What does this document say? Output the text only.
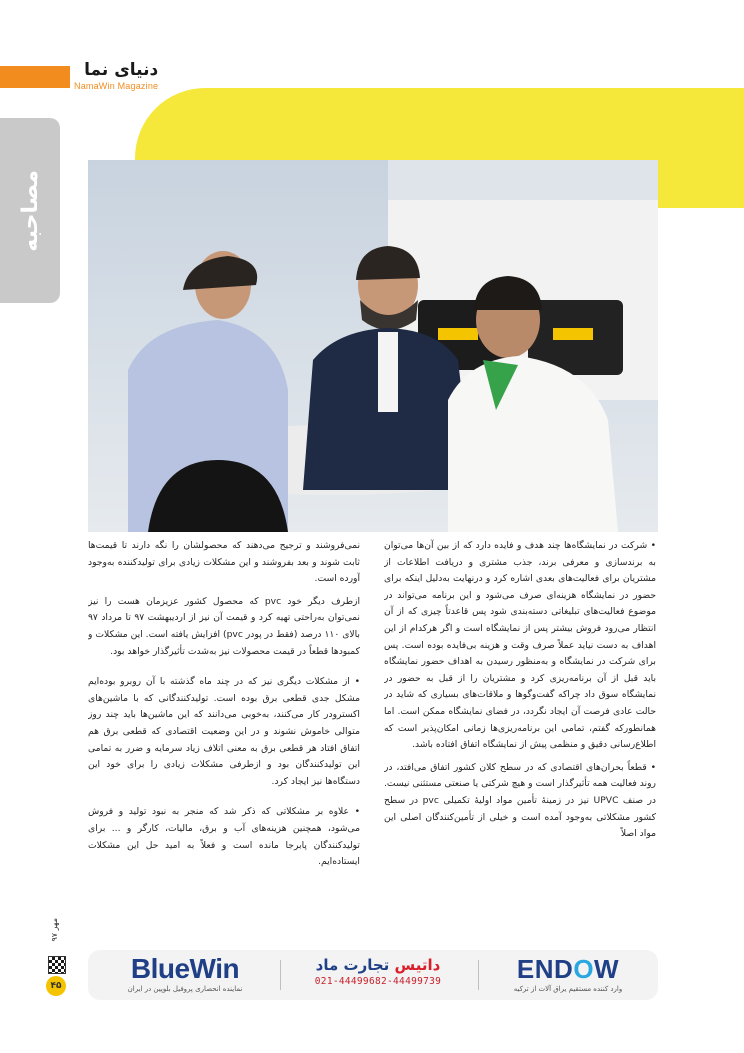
دنیای نما
NamaWin Magazine
مصاحبه

• شرکت در نمایشگاه‌ها چند هدف و فایده دارد که از بین آن‌ها می‌توان به برندسازی و معرفی برند، جذب مشتری و دریافت اطلاعات از مشتریان برای فعالیت‌های بعدی اشاره کرد و درنهایت به‌دلیل اینکه برای حضور در نمایشگاه هزینه‌ای صرف می‌شود و این برنامه می‌تواند در موضوع فعالیت‌های تبلیغاتی دسته‌بندی شود پس قاعدتاً چیزی که از آن انتظار می‌رود فروش بیشتر پس از نمایشگاه است و اگر هرکدام از این اهداف به دست نیاید عملاً صرف وقت و هزینه بی‌فایده بوده است. پس برای شرکت در نمایشگاه و به‌منظور رسیدن به اهداف حضور نمایشگاه باید قبل از آن برنامه‌ریزی کرد و مشتریان را از قبل به حضور در نمایشگاه سوق داد چراکه گفت‌وگوها و ملاقات‌های بسیاری که شاید در حالت عادی فرصت آن ایجاد نگردد، در فضای نمایشگاه ممکن است. اما همانطورکه گفتم، تمامی این برنامه‌ریزی‌ها زمانی امکان‌پذیر است که اطلاع‌رسانی دقیق و منظمی پیش از نمایشگاه اتفاق افتاده باشد.

• قطعاً بحران‌های اقتصادی که در سطح کلان کشور اتفاق می‌افتد، در روند فعالیت همه تأثیرگذار است و هیچ شرکتی یا صنعتی مستثنی نیست. در صنف UPVC نیز در زمینهٔ تأمین مواد اولیهٔ تکمیلی pvc در سطح کشور مشکلاتی به‌وجود آمده است و خیلی از تأمین‌کنندگان اصلی این مواد اصلاً

نمی‌فروشند و ترجیح می‌دهند که محصولشان را نگه دارند تا قیمت‌ها ثابت شوند و بعد بفروشند و این مشکلات زیادی برای تولیدکننده به‌وجود آورده است.

ازطرف دیگر خود pvc که محصول کشور عزیزمان هست را نیز نمی‌توان به‌راحتی تهیه کرد و قیمت آن نیز از اردیبهشت ۹۷ تا مرداد ۹۷ بالای ۱۱۰ درصد (فقط در پودر pvc) افزایش یافته است. این مشکلات و کمبودها قطعاً در قیمت محصولات نیز به‌شدت تأثیرگذار خواهد بود.

• از مشکلات دیگری نیز که در چند ماه گذشته با آن روبرو بوده‌ایم مشکل جدی قطعی برق بوده است. تولیدکنندگانی که با ماشین‌های اکسترودر کار می‌کنند، به‌خوبی می‌دانند که این ماشین‌ها باید چند روز متوالی خاموش نشوند و در این وضعیت اقتصادی که قطعی برق هم اتفاق افتاد هر قطعی برق به معنی اتلاف زیاد سرمایه و ضرر به تمامی این تولیدکنندگان بود و ازطرفی مشکلات زیادی را برای خود این دستگاه‌ها نیز ایجاد کرد.

• علاوه بر مشکلاتی که ذکر شد که منجر به نبود تولید و فروش می‌شود، همچنین هزینه‌های آب و برق، مالیات، کارگر و ... برای تولیدکنندگان پابرجا مانده است و فعلاً به امید حل این مشکلات ایستاده‌ایم.

مهر ۹۷
۴۵
BlueWin
نماینده انحصاری پروفیل بلوپین در ایران
داتیس تجارت ماد
021-44499682-44499739	ENDOW
وارد کننده مستقیم یراق آلات از ترکیه
